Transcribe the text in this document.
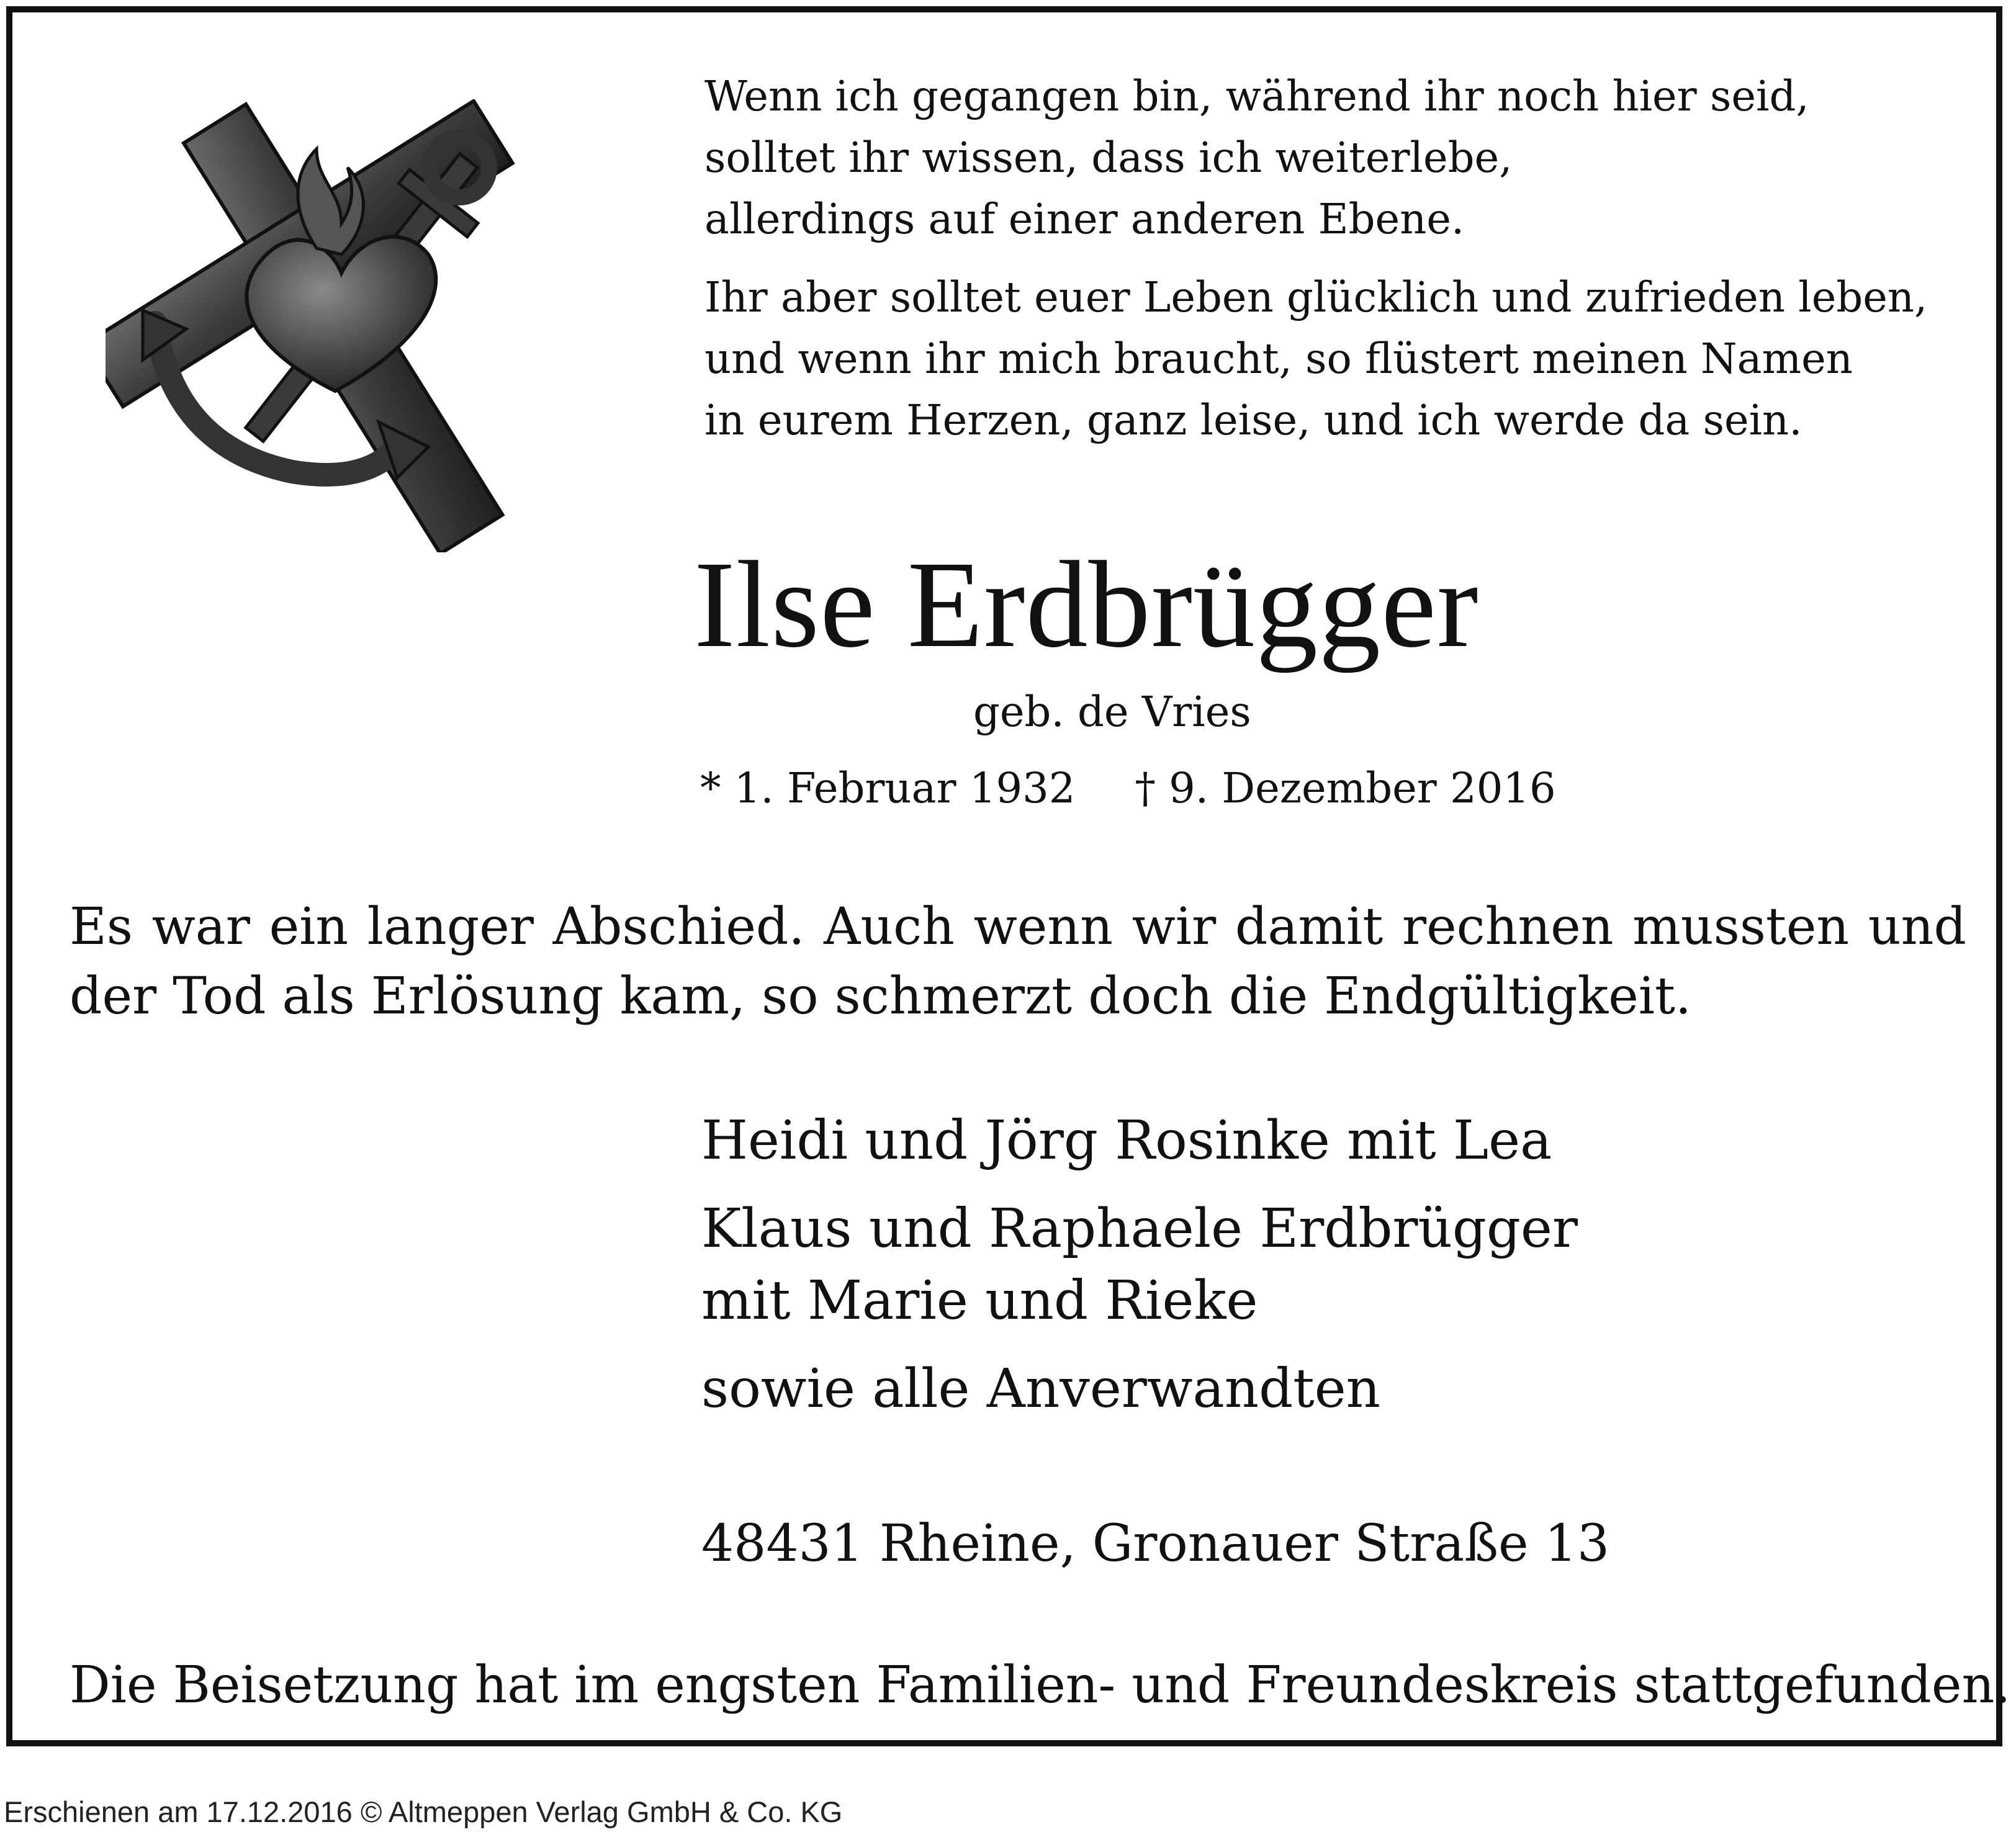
Wenn ich gegangen bin, während ihr noch hier seid,

solltet ihr wissen, dass ich weiterlebe,

allerdings auf einer anderen Ebene.

Ihr aber solltet euer Leben glücklich und zufrieden leben,

und wenn ihr mich braucht, so flüstert meinen Namen

in eurem Herzen, ganz leise, und ich werde da sein.

Ilse Erdbrügger
geb. de Vries
* 1. Februar 1932 † 9. Dezember 2016
Es war ein langer Abschied. Auch wenn wir damit rechnen mussten und der Tod als Erlösung kam, so schmerzt doch die Endgültigkeit.

Heidi und Jörg Rosinke mit Lea

Klaus und Raphaele Erdbrügger

mit Marie und Rieke

sowie alle Anverwandten

48431 Rheine, Gronauer Straße 13
Die Beisetzung hat im engsten Familien- und Freundeskreis stattgefunden.
Erschienen am 17.12.2016 © Altmeppen Verlag GmbH & Co. KG
